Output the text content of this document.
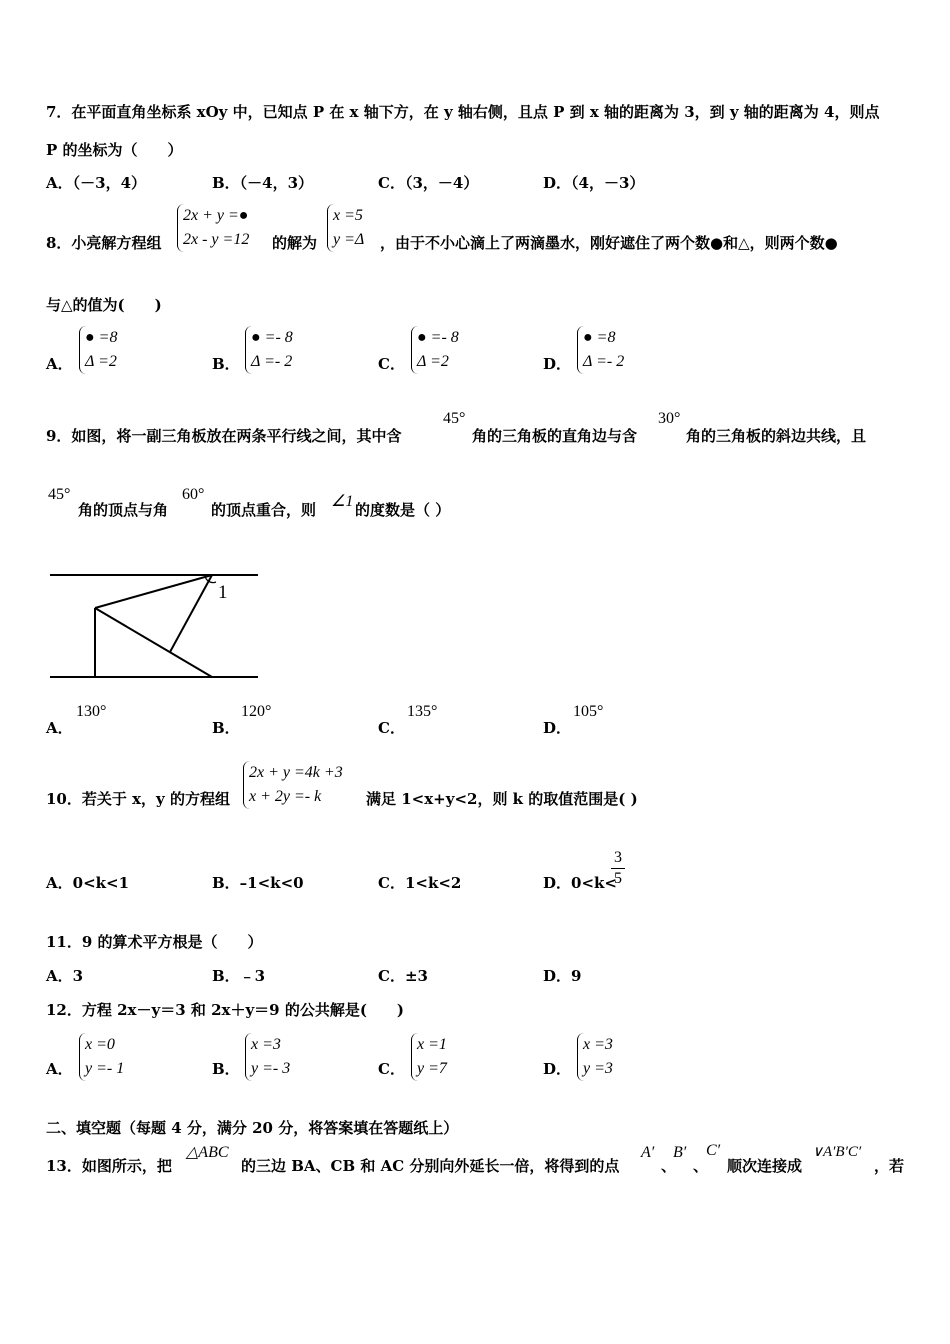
7．在平面直角坐标系 xOy 中，已知点 P 在 x 轴下方，在 y 轴右侧，且点 P 到 x 轴的距离为 3，到 y 轴的距离为 4，则点
P 的坐标为（　　）
A．（－3，4）	B．（－4，3）	C．（3，－4）	D．（4，－3）
8．小亮解方程组
2x + y =●
2x - y =12 的解为
x =5
y =Δ ，由于不小心滴上了两滴墨水，刚好遮住了两个数●和△，则两个数●
与△的值为(　　)
A．
● =8
Δ =2	B．
● =- 8
Δ =- 2	C．
● =- 8
Δ =2	D．
● =8
Δ =- 2
9．如图，将一副三角板放在两条平行线之间，其中含
45°
角的三角板的直角边与含
30°
角的三角板的斜边共线，且
45°
角的顶点与角
60°
的顶点重合，则 ∠1 的度数是（ ）
1
A．
130°
B．
120°
C．
135°
D．
105°
10．若关于 x，y 的方程组
2x + y =4k +3
x + 2y =- k	满足 1<x+y<2，则 k 的取值范围是( )
A．0<k<1	B．–1<k<0	C．1<k<2	D．0<k<
$\frac{3}{5}$
11．9 的算术平方根是（　　）
A．3	B．﹣3	C．±3	D．9
12．方程 2x－y＝3 和 2x＋y＝9 的公共解是(　　)
A．
x =0
y =- 1	B．
x =3
y =- 3	C．
x =1
y =7	D．
x =3
y =3
二、填空题（每题 4 分，满分 20 分，将答案填在答题纸上）
13．如图所示，把
△ABC
的三边 BA、CB 和 AC 分别向外延长一倍，将得到的点
A′
、
B′
、
C′
顺次连接成
∨A′B′C′
，若
